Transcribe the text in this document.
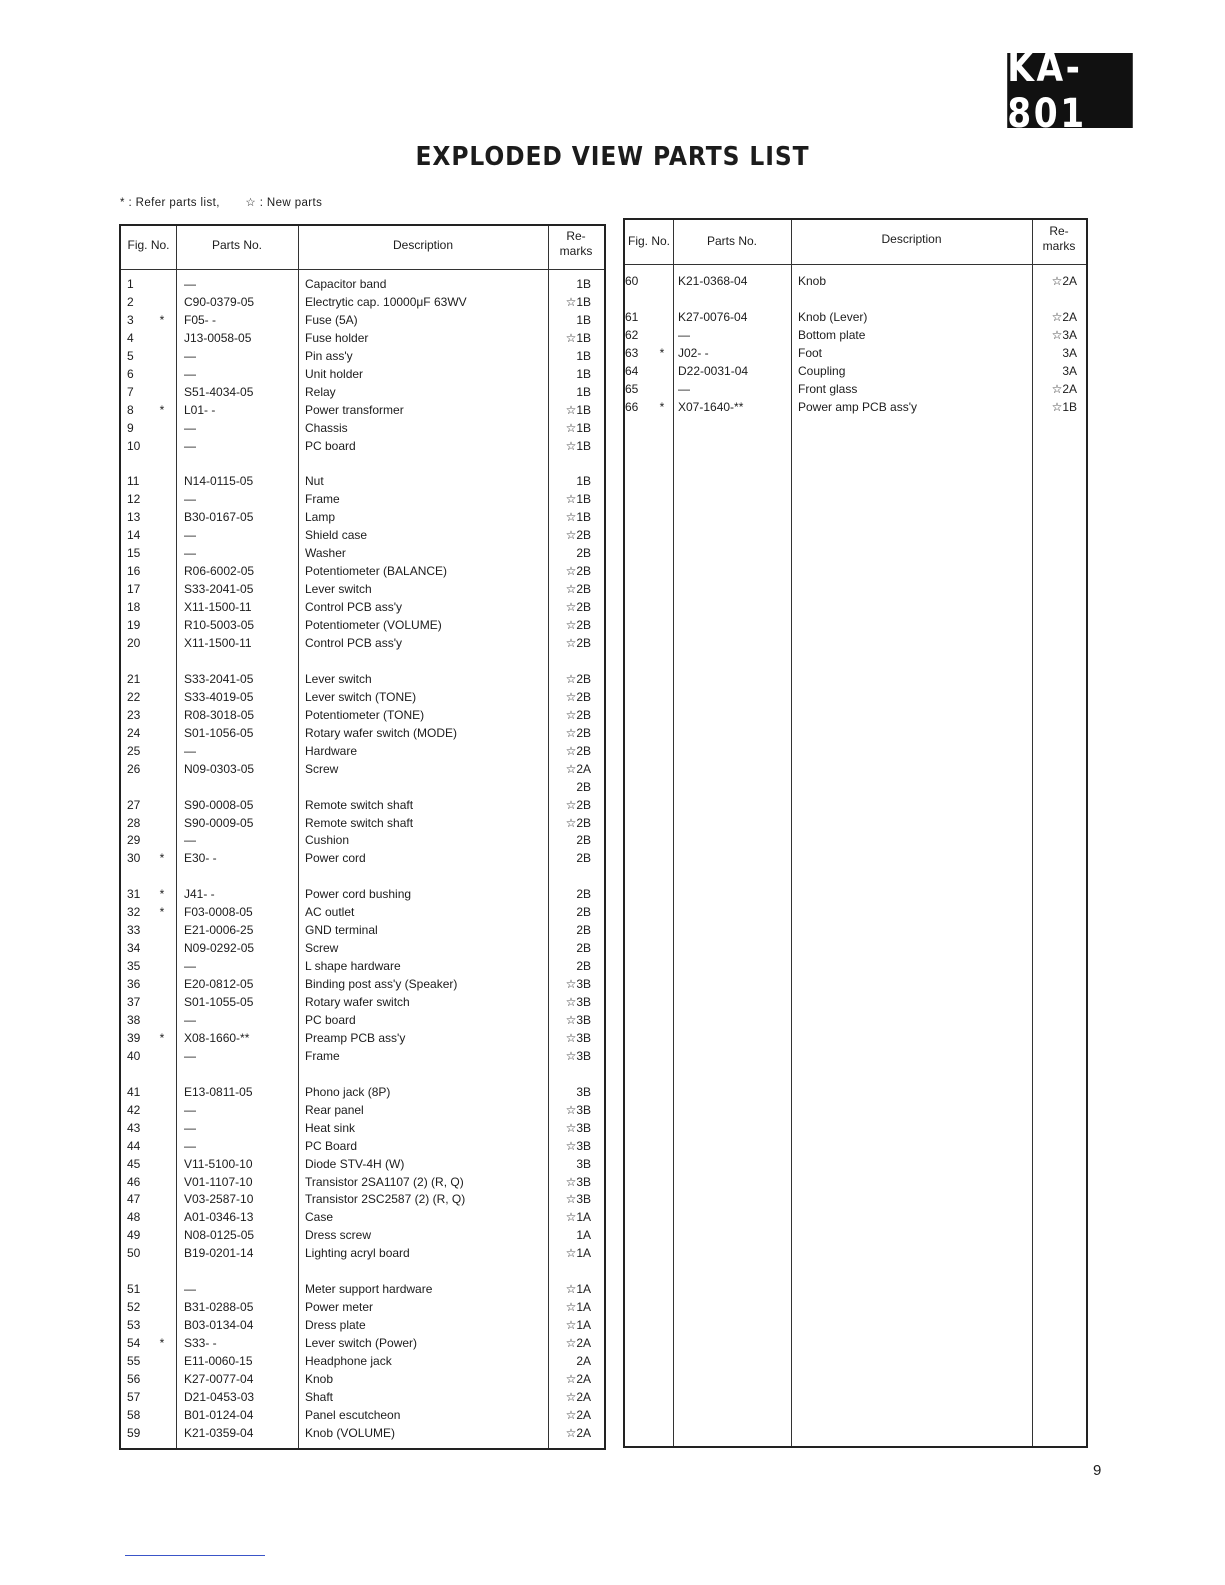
KA-801
EXPLODED VIEW PARTS LIST
* : Refer parts list, ☆ : New parts
Fig. No.	Parts No.	Description
Re-
marks
1	—	Capacitor band	1B
2	C90-0379-05	Electrytic cap. 10000μF 63WV	☆1B
3	*	F05- -	Fuse (5A)	1B
4	J13-0058-05	Fuse holder	☆1B
5	—	Pin ass'y	1B
6	—	Unit holder	1B
7	S51-4034-05	Relay	1B
8	*	L01- -	Power transformer	☆1B
9	—	Chassis	☆1B
10	—	PC board	☆1B
11	N14-0115-05	Nut	1B
12	—	Frame	☆1B
13	B30-0167-05	Lamp	☆1B
14	—	Shield case	☆2B
15	—	Washer	2B
16	R06-6002-05	Potentiometer (BALANCE)	☆2B
17	S33-2041-05	Lever switch	☆2B
18	X11-1500-11	Control PCB ass'y	☆2B
19	R10-5003-05	Potentiometer (VOLUME)	☆2B
20	X11-1500-11	Control PCB ass'y	☆2B
21	S33-2041-05	Lever switch	☆2B
22	S33-4019-05	Lever switch (TONE)	☆2B
23	R08-3018-05	Potentiometer (TONE)	☆2B
24	S01-1056-05	Rotary wafer switch (MODE)	☆2B
25	—	Hardware	☆2B
26	N09-0303-05	Screw	☆2A
2B
27	S90-0008-05	Remote switch shaft	☆2B
28	S90-0009-05	Remote switch shaft	☆2B
29	—	Cushion	2B
30	*	E30- -	Power cord	2B
31	*	J41- -	Power cord bushing	2B
32	*	F03-0008-05	AC outlet	2B
33	E21-0006-25	GND terminal	2B
34	N09-0292-05	Screw	2B
35	—	L shape hardware	2B
36	E20-0812-05	Binding post ass'y (Speaker)	☆3B
37	S01-1055-05	Rotary wafer switch	☆3B
38	—	PC board	☆3B
39	*	X08-1660-**	Preamp PCB ass'y	☆3B
40	—	Frame	☆3B
41	E13-0811-05	Phono jack (8P)	3B
42	—	Rear panel	☆3B
43	—	Heat sink	☆3B
44	—	PC Board	☆3B
45	V11-5100-10	Diode STV-4H (W)	3B
46	V01-1107-10	Transistor 2SA1107 (2) (R, Q)	☆3B
47	V03-2587-10	Transistor 2SC2587 (2) (R, Q)	☆3B
48	A01-0346-13	Case	☆1A
49	N08-0125-05	Dress screw	1A
50	B19-0201-14	Lighting acryl board	☆1A
51	—	Meter support hardware	☆1A
52	B31-0288-05	Power meter	☆1A
53	B03-0134-04	Dress plate	☆1A
54	*	S33- -	Lever switch (Power)	☆2A
55	E11-0060-15	Headphone jack	2A
56	K27-0077-04	Knob	☆2A
57	D21-0453-03	Shaft	☆2A
58	B01-0124-04	Panel escutcheon	☆2A
59	K21-0359-04	Knob (VOLUME)	☆2A
Fig. No.	Parts No.	Description
Re-
marks
60	K21-0368-04	Knob	☆2A
61	K27-0076-04	Knob (Lever)	☆2A
62	—	Bottom plate	☆3A
63	*	J02- -	Foot	3A
64	D22-0031-04	Coupling	3A
65	—	Front glass	☆2A
66	*	X07-1640-**	Power amp PCB ass'y	☆1B
9
